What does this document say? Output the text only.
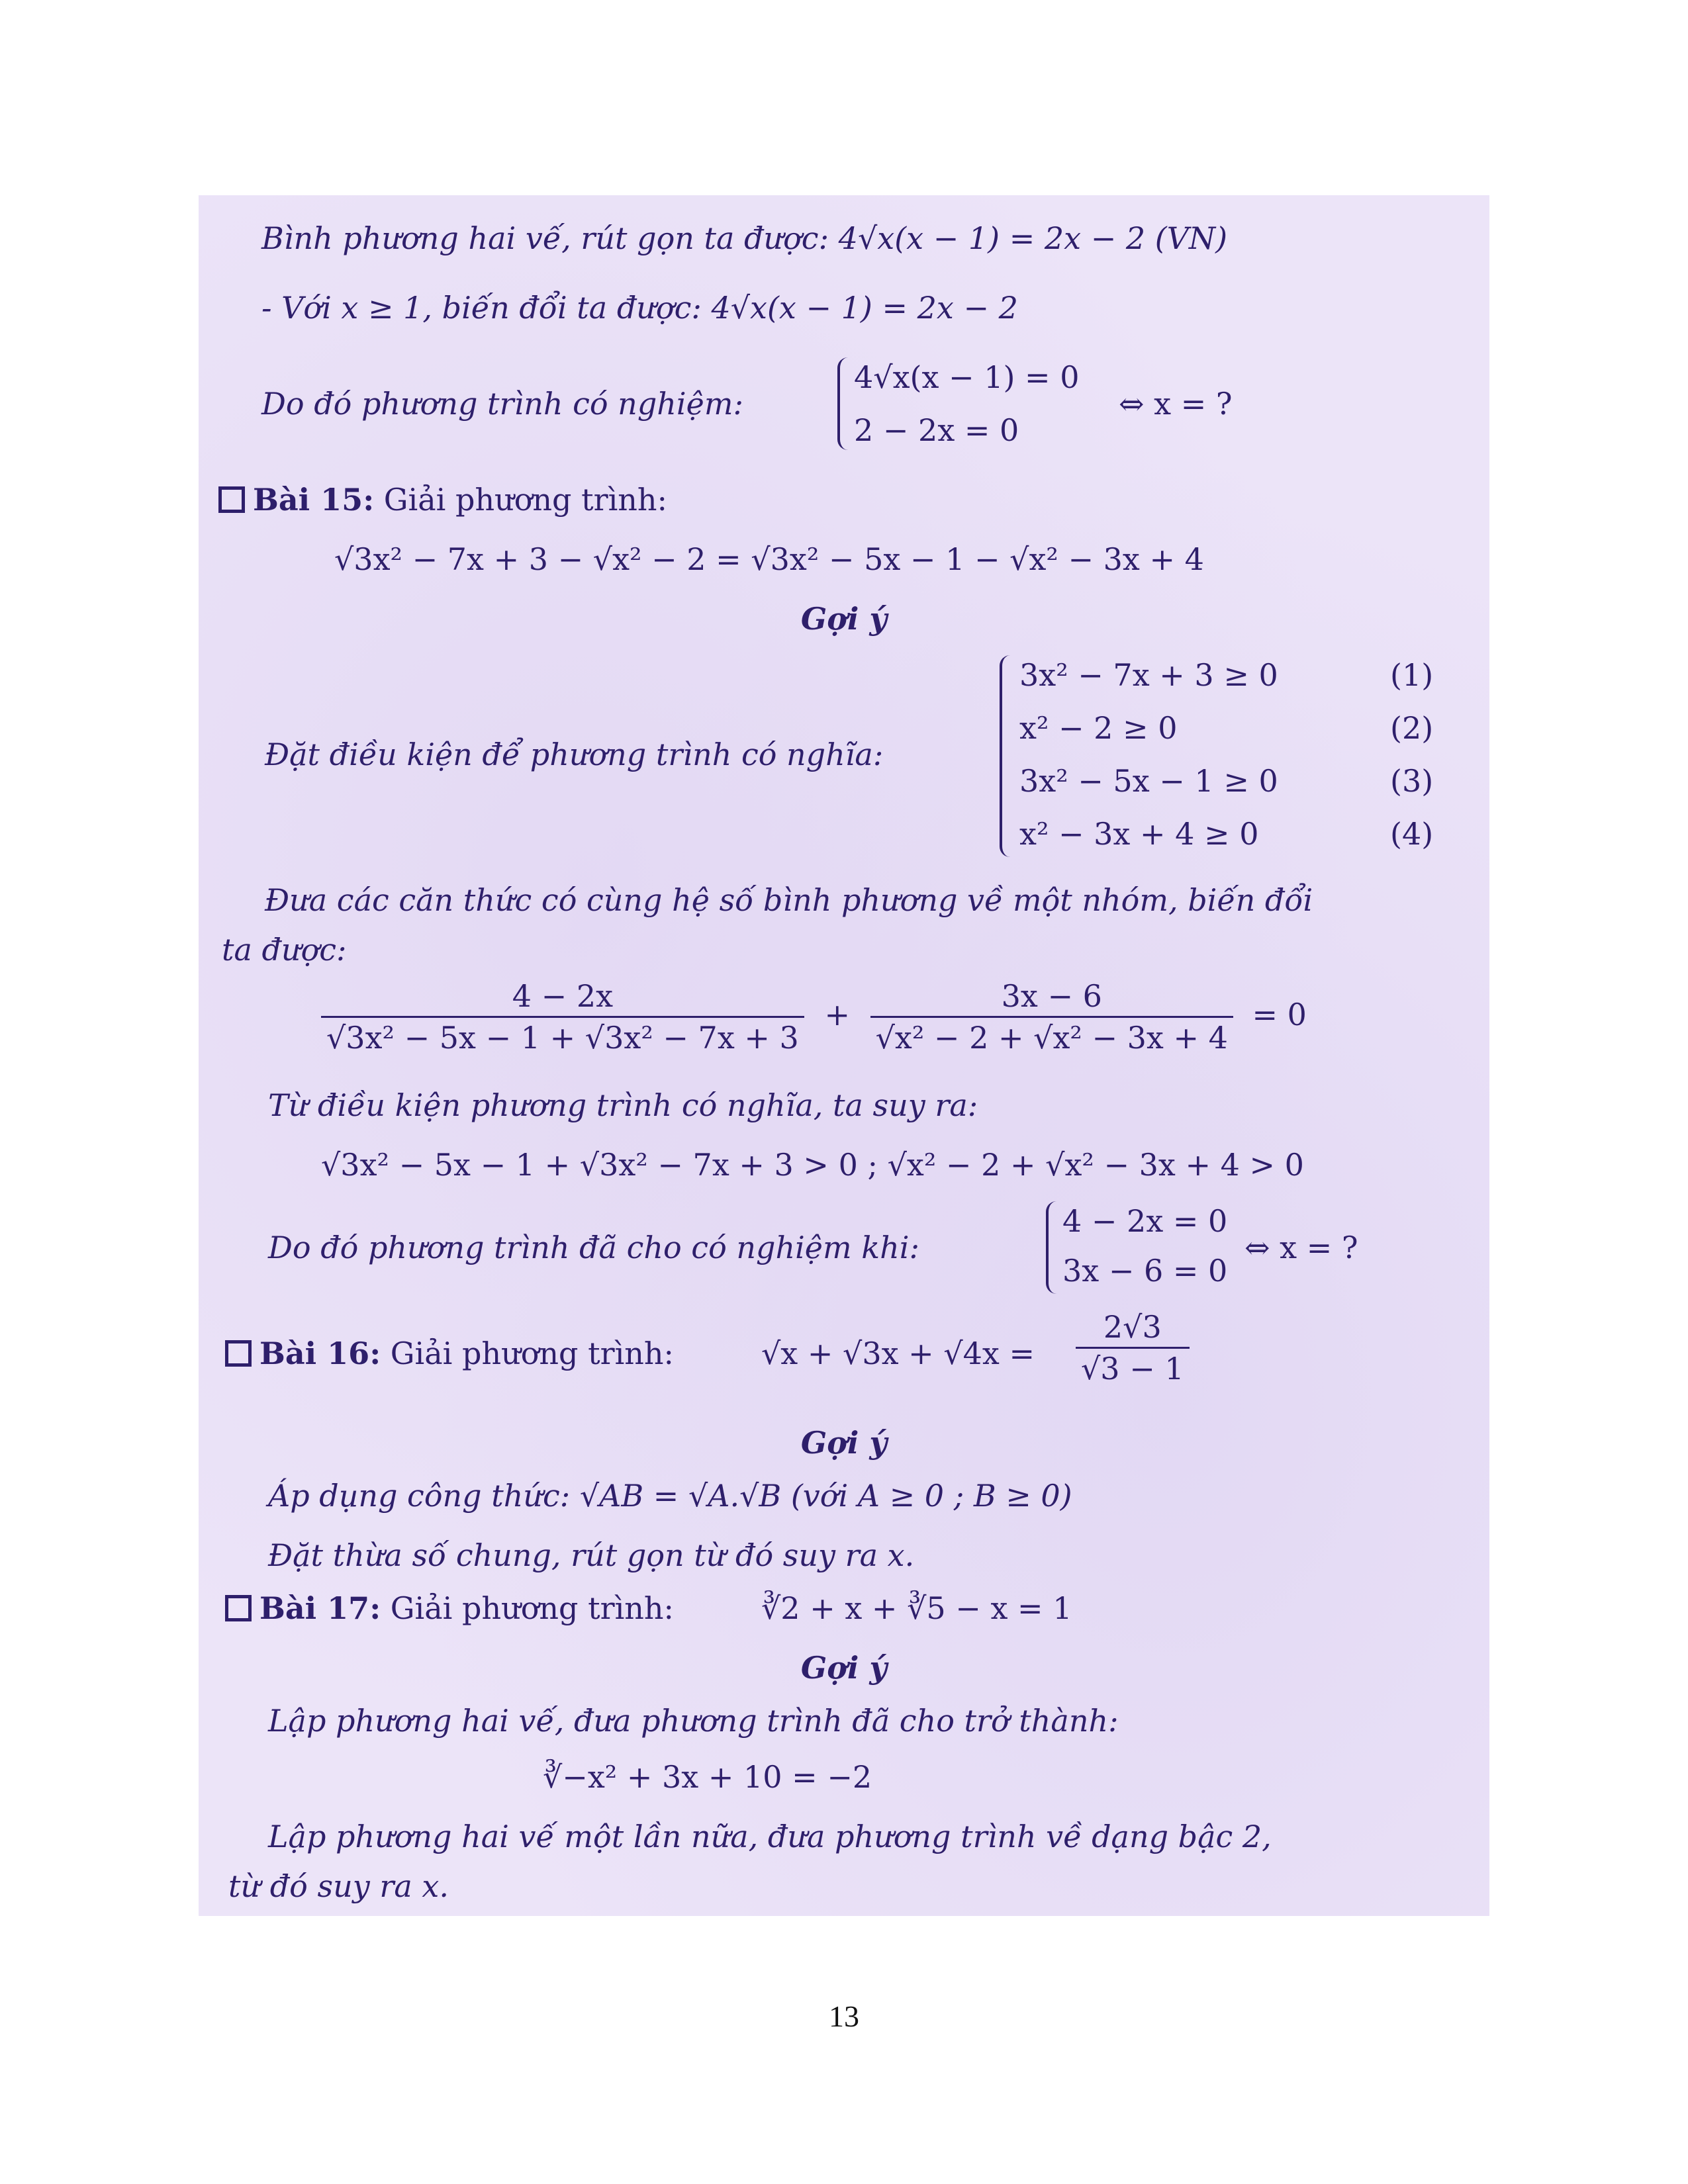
Bình phương hai vế, rút gọn ta được: 4√x(x − 1) = 2x − 2 (VN)
- Với x ≥ 1, biến đổi ta được: 4√x(x − 1) = 2x − 2
Do đó phương trình có nghiệm:
4√x(x − 1) = 0
2 − 2x = 0
⇔ x = ?
Bài 15: Giải phương trình:
√3x² − 7x + 3 − √x² − 2 = √3x² − 5x − 1 − √x² − 3x + 4
Gợi ý
Đặt điều kiện để phương trình có nghĩa:
3x² − 7x + 3 ≥ 0
x² − 2 ≥ 0
3x² − 5x − 1 ≥ 0
x² − 3x + 4 ≥ 0
(1)
(2)
(3)
(4)
Đưa các căn thức có cùng hệ số bình phương về một nhóm, biến đổi
ta được:
$\frac{4 - 2x}{\text{√3x² − 5x − 1 + √3x² − 7x + 3}} + \frac{3x - 6}{\text{√x² − 2 + √x² − 3x + 4}} = 0$
Từ điều kiện phương trình có nghĩa, ta suy ra:
√3x² − 5x − 1 + √3x² − 7x + 3 > 0 ; √x² − 2 + √x² − 3x + 4 > 0
Do đó phương trình đã cho có nghiệm khi:
4 − 2x = 0
3x − 6 = 0
⇔ x = ?
Bài 16: Giải phương trình:	$√x + √3x + √4x = \frac{2√3}{√3 - 1}$
Gợi ý
Áp dụng công thức: √AB = √A.√B (với A ≥ 0 ; B ≥ 0)
Đặt thừa số chung, rút gọn từ đó suy ra x.
Bài 17: Giải phương trình:	∛2 + x + ∛5 − x = 1
Gợi ý
Lập phương hai vế, đưa phương trình đã cho trở thành:
∛−x² + 3x + 10 = −2
Lập phương hai vế một lần nữa, đưa phương trình về dạng bậc 2,
từ đó suy ra x.
13
